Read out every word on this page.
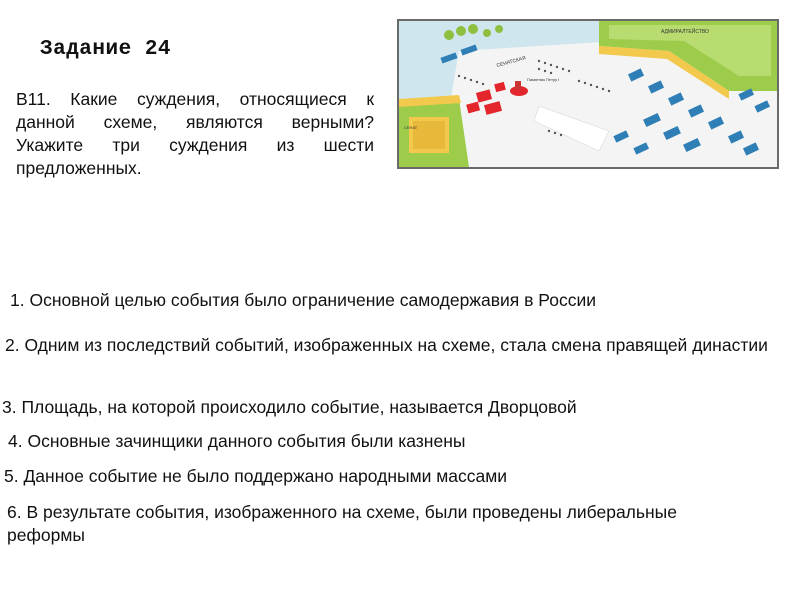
Задание 24
В11. Какие суждения, относящиеся к данной схеме, являются верными? Укажите три суждения из шести предложенных.
АДМИРАЛТЕЙСТВО
СЕНАТ
Памятник Петру I
СЕНАТСКАЯ
1. Основной целью события было ограничение самодержавия в России
2. Одним из последствий событий, изображенных на схеме, стала смена правящей династии
3. Площадь, на которой происходило событие, называется Дворцовой
4. Основные зачинщики данного события были казнены
5. Данное событие не было поддержано народными массами
6. В результате события, изображенного на схеме, были проведены либеральные реформы
